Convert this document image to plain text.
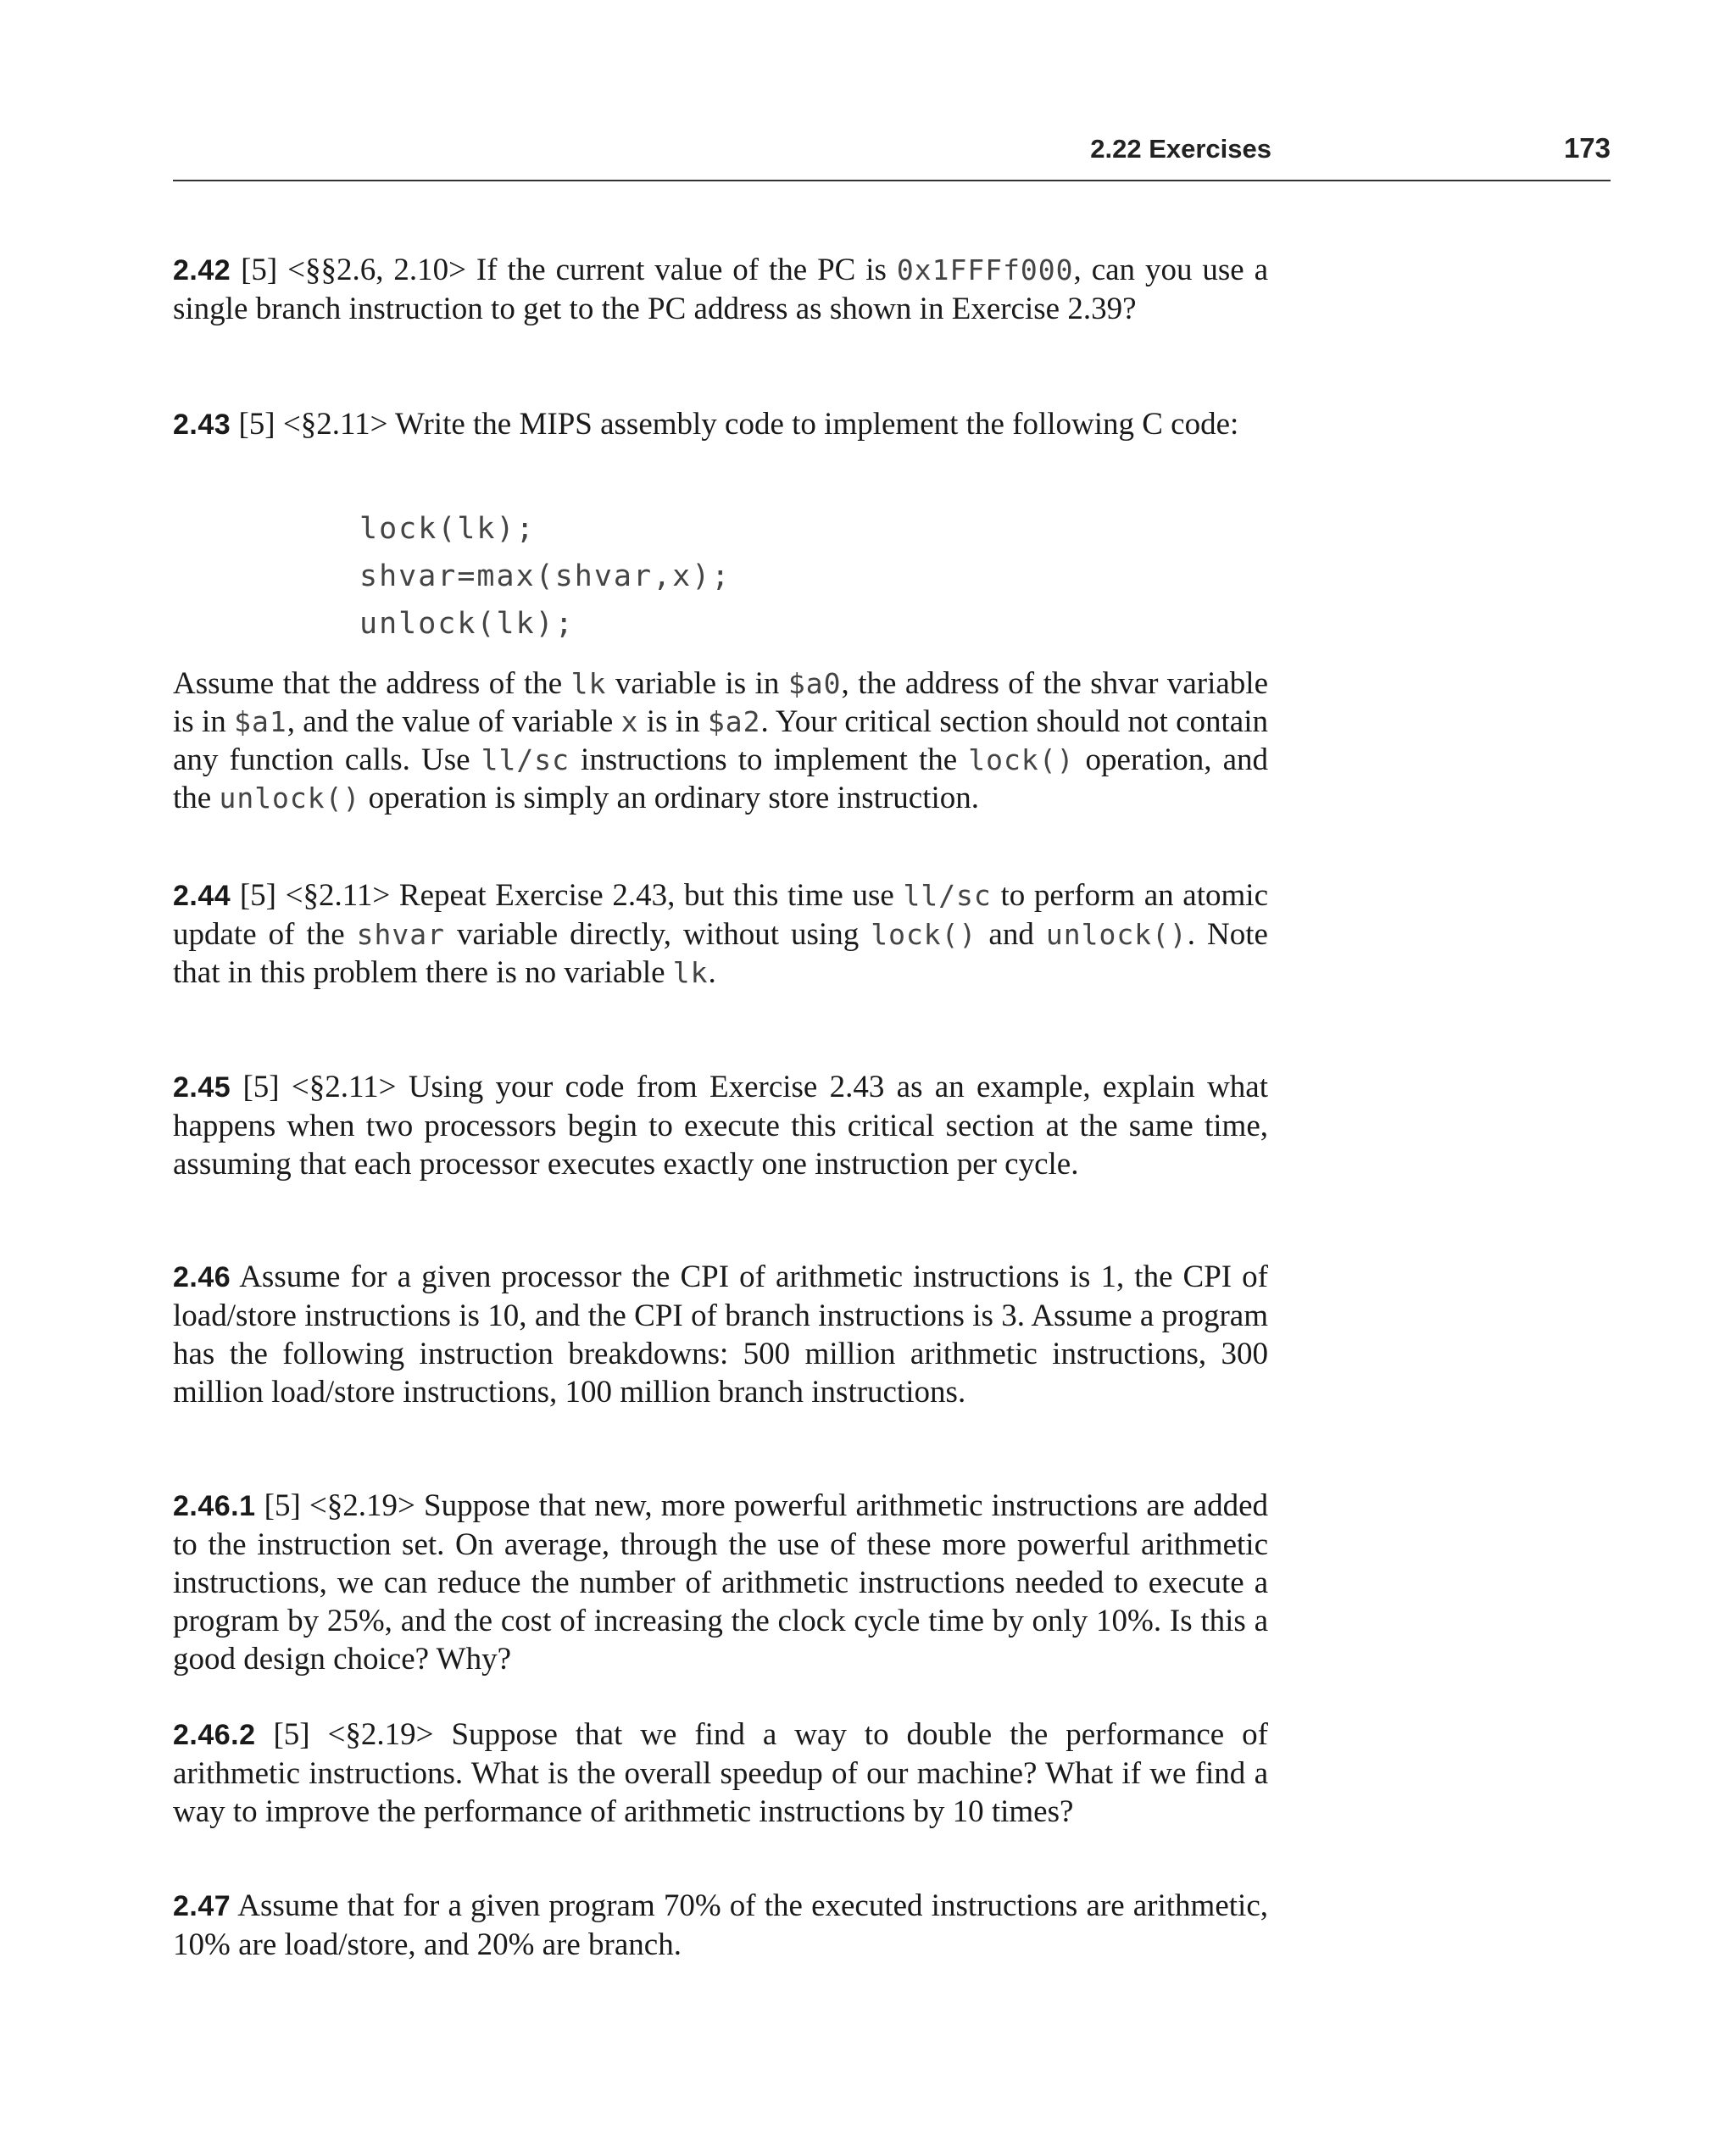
2.22 Exercises	173
2.42 [5] <§§2.6, 2.10> If the current value of the PC is 0x1FFFf000, can you use a single branch instruction to get to the PC address as shown in Exercise 2.39?
2.43 [5] <§2.11> Write the MIPS assembly code to implement the following C code:
lock(lk);
shvar=max(shvar,x);
unlock(lk);
Assume that the address of the lk variable is in $a0, the address of the shvar variable is in $a1, and the value of variable x is in $a2. Your critical section should not contain any function calls. Use ll/sc instructions to implement the lock() operation, and the unlock() operation is simply an ordinary store instruction.
2.44 [5] <§2.11> Repeat Exercise 2.43, but this time use ll/sc to perform an atomic update of the shvar variable directly, without using lock() and unlock(). Note that in this problem there is no variable lk.
2.45 [5] <§2.11> Using your code from Exercise 2.43 as an example, explain what happens when two processors begin to execute this critical section at the same time, assuming that each processor executes exactly one instruction per cycle.
2.46 Assume for a given processor the CPI of arithmetic instructions is 1, the CPI of load/store instructions is 10, and the CPI of branch instructions is 3. Assume a program has the following instruction breakdowns: 500 million arithmetic instructions, 300 million load/store instructions, 100 million branch instructions.
2.46.1 [5] <§2.19> Suppose that new, more powerful arithmetic instructions are added to the instruction set. On average, through the use of these more powerful arithmetic instructions, we can reduce the number of arithmetic instructions needed to execute a program by 25%, and the cost of increasing the clock cycle time by only 10%. Is this a good design choice? Why?
2.46.2 [5] <§2.19> Suppose that we find a way to double the performance of arithmetic instructions. What is the overall speedup of our machine? What if we find a way to improve the performance of arithmetic instructions by 10 times?
2.47 Assume that for a given program 70% of the executed instructions are arithmetic, 10% are load/store, and 20% are branch.
